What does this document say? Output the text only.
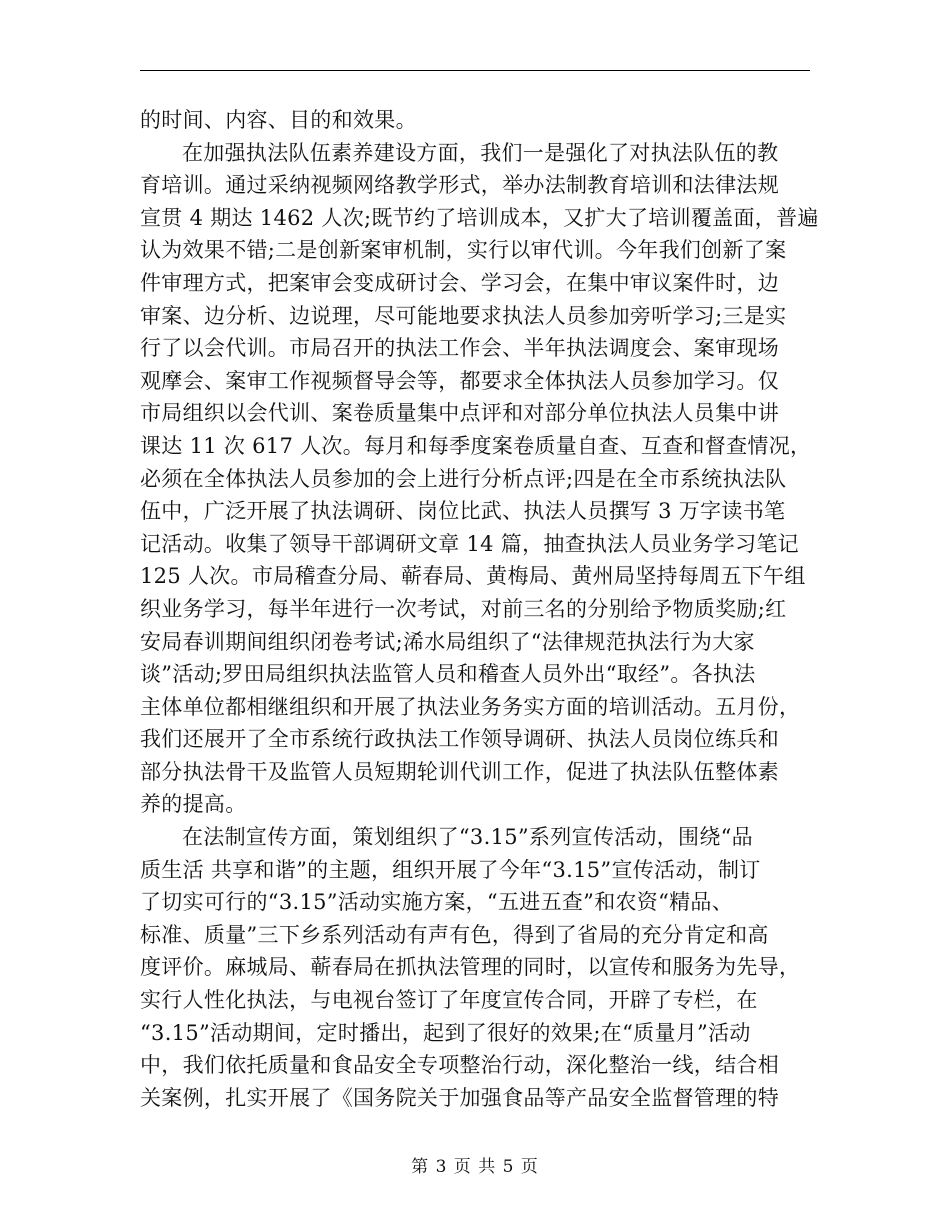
的时间、内容、目的和效果。
在加强执法队伍素养建设方面，我们一是强化了对执法队伍的教
育培训。通过采纳视频网络教学形式，举办法制教育培训和法律法规
宣贯 4 期达 1462 人次;既节约了培训成本，又扩大了培训覆盖面，普遍
认为效果不错;二是创新案审机制，实行以审代训。今年我们创新了案
件审理方式，把案审会变成研讨会、学习会，在集中审议案件时，边
审案、边分析、边说理，尽可能地要求执法人员参加旁听学习;三是实
行了以会代训。市局召开的执法工作会、半年执法调度会、案审现场
观摩会、案审工作视频督导会等，都要求全体执法人员参加学习。仅
市局组织以会代训、案卷质量集中点评和对部分单位执法人员集中讲
课达 11 次 617 人次。每月和每季度案卷质量自查、互查和督查情况，
必须在全体执法人员参加的会上进行分析点评;四是在全市系统执法队
伍中，广泛开展了执法调研、岗位比武、执法人员撰写 3 万字读书笔
记活动。收集了领导干部调研文章 14 篇，抽查执法人员业务学习笔记
125 人次。市局稽查分局、蕲春局、黄梅局、黄州局坚持每周五下午组
织业务学习，每半年进行一次考试，对前三名的分别给予物质奖励;红
安局春训期间组织闭卷考试;浠水局组织了“法律规范执法行为大家
谈”活动;罗田局组织执法监管人员和稽查人员外出“取经”。各执法
主体单位都相继组织和开展了执法业务务实方面的培训活动。五月份，
我们还展开了全市系统行政执法工作领导调研、执法人员岗位练兵和
部分执法骨干及监管人员短期轮训代训工作，促进了执法队伍整体素
养的提高。
在法制宣传方面，策划组织了“3.15”系列宣传活动，围绕“品
质生活 共享和谐”的主题，组织开展了今年“3.15”宣传活动，制订
了切实可行的“3.15”活动实施方案，“五进五查”和农资“精品、
标准、质量”三下乡系列活动有声有色，得到了省局的充分肯定和高
度评价。麻城局、蕲春局在抓执法管理的同时，以宣传和服务为先导，
实行人性化执法，与电视台签订了年度宣传合同，开辟了专栏，在
“3.15”活动期间，定时播出，起到了很好的效果;在“质量月”活动
中，我们依托质量和食品安全专项整治行动，深化整治一线，结合相
关案例，扎实开展了《国务院关于加强食品等产品安全监督管理的特
第 3 页 共 5 页
